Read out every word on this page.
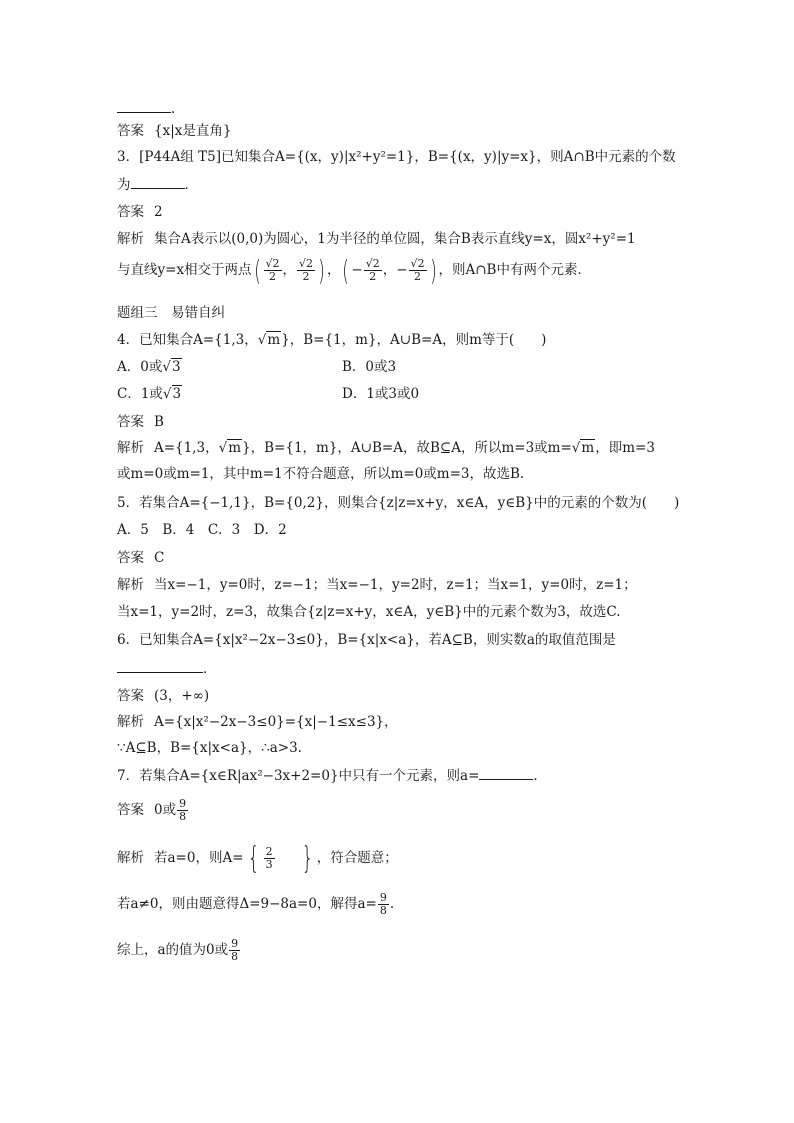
.
答案 {x|x是直角}
3．[P44A组 T5]已知集合A={(x，y)|x²+y²=1}，B={(x，y)|y=x}，则A∩B中元素的个数
为	．
答案 2
解析 集合A表示以(0,0)为圆心，1为半径的单位圆，集合B表示直线y=x，圆x²+y²=1
与直线y=x相交于两点( $\frac{√2}{2}$ ， $\frac{√2}{2}$ ) ，( − $\frac{√2}{2}$ ，− $\frac{√2}{2}$ ) ，则A∩B中有两个元素．
题组三　易错自纠
4．已知集合A={1,3，√m}，B={1，m}，A∪B=A，则m等于(　　)
A．0或√3	B．0或3
C．1或√3	D．1或3或0
答案 B
解析 A={1,3，√m}，B={1，m}，A∪B=A，故B⊆A，所以m=3或m=√m，即m=3
或m=0或m=1，其中m=1不符合题意，所以m=0或m=3，故选B.
5．若集合A={−1,1}，B={0,2}，则集合{z|z=x+y，x∈A，y∈B}中的元素的个数为(　　)
A．5　B．4　C．3　D．2
答案 C
解析 当x=−1，y=0时，z=−1；当x=−1，y=2时，z=1；当x=1，y=0时，z=1；
当x=1，y=2时，z=3，故集合{z|z=x+y，x∈A，y∈B}中的元素个数为3，故选C.
6．已知集合A={x|x²−2x−3≤0}，B={x|x<a}，若A⊆B，则实数a的取值范围是
．
答案 (3，+∞)
解析 A={x|x²−2x−3≤0}={x|−1≤x≤3}，
∵A⊆B，B={x|x<a}，∴a>3.
7．若集合A={x∈R|ax²−3x+2=0}中只有一个元素，则a=	.
答案 0或 $\frac{9}{8}$
解析 若a=0，则A= { $\frac{2}{3}$ } ，符合题意；
若a≠0，则由题意得Δ=9−8a=0，解得$a= \frac{9}{8}$ .
综上，a的值为0或 $\frac{9}{8}$
